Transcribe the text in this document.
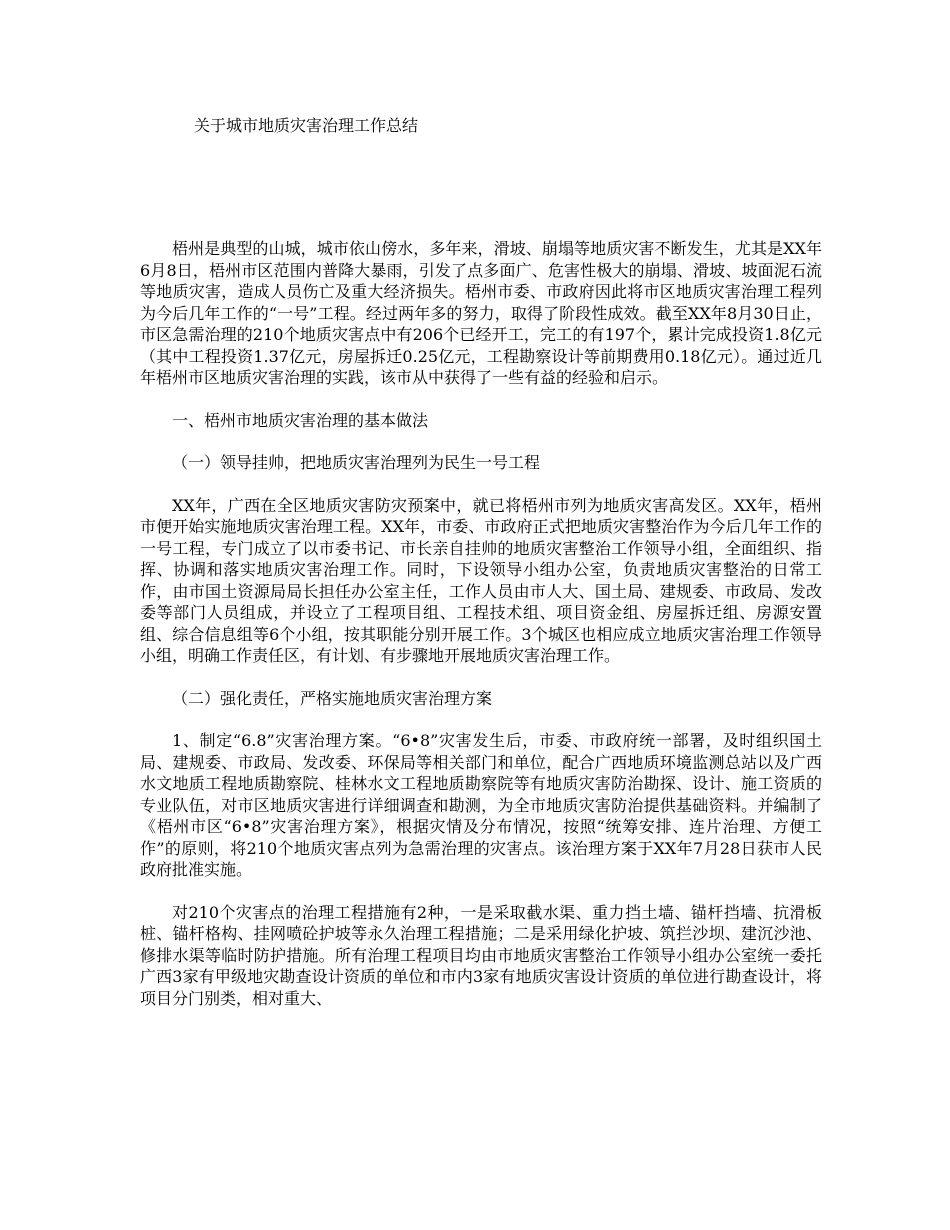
关于城市地质灾害治理工作总结

梧州是典型的山城，城市依山傍水，多年来，滑坡、崩塌等地质灾害不断发生，尤其是XX年6月8日，梧州市区范围内普降大暴雨，引发了点多面广、危害性极大的崩塌、滑坡、坡面泥石流等地质灾害，造成人员伤亡及重大经济损失。梧州市委、市政府因此将市区地质灾害治理工程列为今后几年工作的“一号”工程。经过两年多的努力，取得了阶段性成效。截至XX年8月30日止，市区急需治理的210个地质灾害点中有206个已经开工，完工的有197个，累计完成投资1.8亿元（其中工程投资1.37亿元，房屋拆迁0.25亿元，工程勘察设计等前期费用0.18亿元）。通过近几年梧州市区地质灾害治理的实践，该市从中获得了一些有益的经验和启示。

一、梧州市地质灾害治理的基本做法

（一）领导挂帅，把地质灾害治理列为民生一号工程

XX年，广西在全区地质灾害防灾预案中，就已将梧州市列为地质灾害高发区。XX年，梧州市便开始实施地质灾害治理工程。XX年，市委、市政府正式把地质灾害整治作为今后几年工作的一号工程，专门成立了以市委书记、市长亲自挂帅的地质灾害整治工作领导小组，全面组织、指挥、协调和落实地质灾害治理工作。同时，下设领导小组办公室，负责地质灾害整治的日常工作，由市国土资源局局长担任办公室主任，工作人员由市人大、国土局、建规委、市政局、发改委等部门人员组成，并设立了工程项目组、工程技术组、项目资金组、房屋拆迁组、房源安置组、综合信息组等6个小组，按其职能分别开展工作。3个城区也相应成立地质灾害治理工作领导小组，明确工作责任区，有计划、有步骤地开展地质灾害治理工作。

（二）强化责任，严格实施地质灾害治理方案

1、制定“6.8”灾害治理方案。“6•8”灾害发生后，市委、市政府统一部署，及时组织国土局、建规委、市政局、发改委、环保局等相关部门和单位，配合广西地质环境监测总站以及广西水文地质工程地质勘察院、桂林水文工程地质勘察院等有地质灾害防治勘探、设计、施工资质的专业队伍，对市区地质灾害进行详细调查和勘测，为全市地质灾害防治提供基础资料。并编制了《梧州市区“6•8”灾害治理方案》，根据灾情及分布情况，按照“统筹安排、连片治理、方便工作”的原则，将210个地质灾害点列为急需治理的灾害点。该治理方案于XX年7月28日获市人民政府批准实施。

对210个灾害点的治理工程措施有2种，一是采取截水渠、重力挡土墙、锚杆挡墙、抗滑板桩、锚杆格构、挂网喷砼护坡等永久治理工程措施；二是采用绿化护坡、筑拦沙坝、建沉沙池、修排水渠等临时防护措施。所有治理工程项目均由市地质灾害整治工作领导小组办公室统一委托广西3家有甲级地灾勘查设计资质的单位和市内3家有地质灾害设计资质的单位进行勘查设计，将项目分门别类，相对重大、
